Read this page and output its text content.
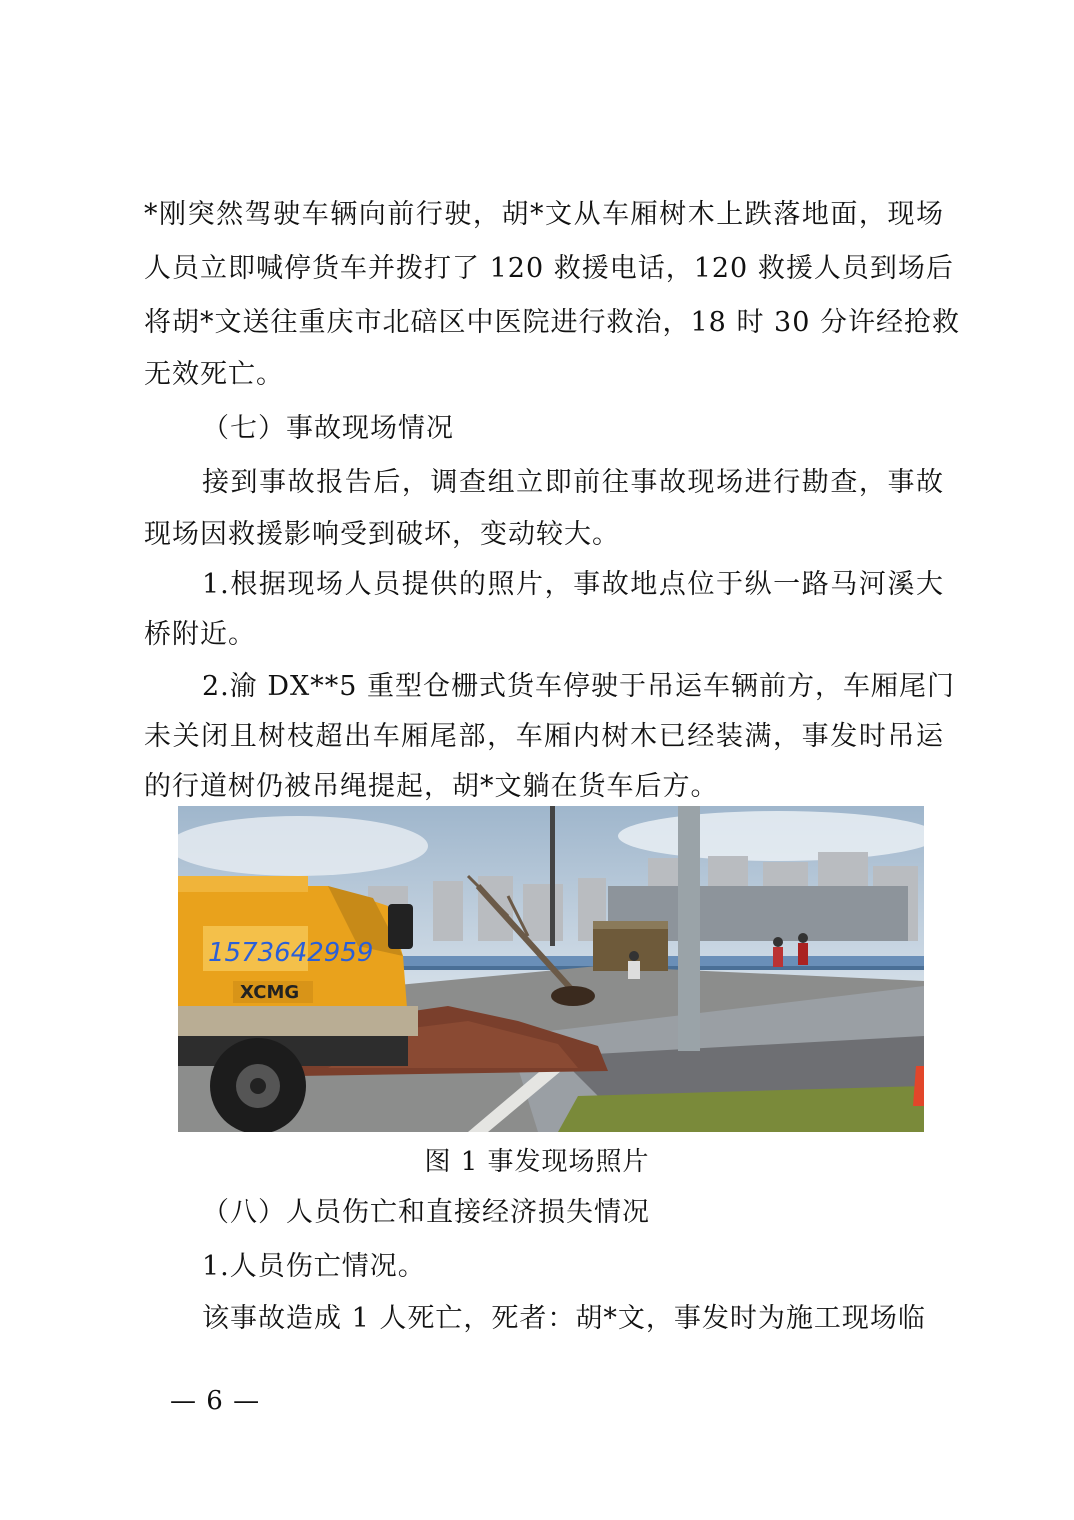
*刚突然驾驶车辆向前行驶，胡*文从车厢树木上跌落地面，现场
人员立即喊停货车并拨打了 120 救援电话，120 救援人员到场后
将胡*文送往重庆市北碚区中医院进行救治，18 时 30 分许经抢救
无效死亡。
（七）事故现场情况
接到事故报告后，调查组立即前往事故现场进行勘查，事故
现场因救援影响受到破坏，变动较大。
1.根据现场人员提供的照片，事故地点位于纵一路马河溪大
桥附近。
2.渝 DX**5 重型仓栅式货车停驶于吊运车辆前方，车厢尾门
未关闭且树枝超出车厢尾部，车厢内树木已经装满，事发时吊运
的行道树仍被吊绳提起，胡*文躺在货车后方。
1573642959
XCMG
图 1 事发现场照片
（八）人员伤亡和直接经济损失情况
1.人员伤亡情况。
该事故造成 1 人死亡，死者：胡*文，事发时为施工现场临
— 6 —
